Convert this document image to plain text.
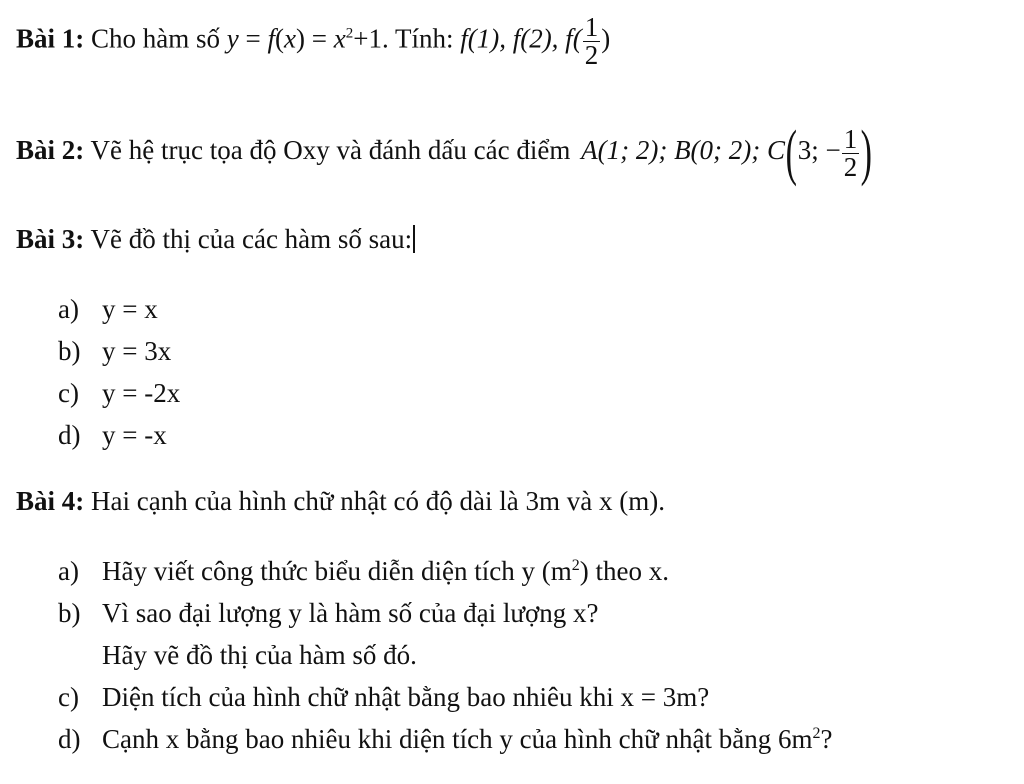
Bài 1: Cho hàm số $y = f(x) = x^2+1$. Tính: f(1), f(2), $f( \frac{1}{2}$ )
Bài 2: Vẽ hệ trục tọa độ Oxy và đánh dấu các điểm A(1; 2); B(0; 2); C(3; − $\frac{1}{2}$ )
Bài 3: Vẽ đồ thị của các hàm số sau:
a) y = x
b) y = 3x
c) y = -2x
d) y = -x
Bài 4: Hai cạnh của hình chữ nhật có độ dài là 3m và x (m).
a) Hãy viết công thức biểu diễn diện tích y $(m^2)$ theo x.
b) Vì sao đại lượng y là hàm số của đại lượng x?
Hãy vẽ đồ thị của hàm số đó.
c) Diện tích của hình chữ nhật bằng bao nhiêu khi x = 3m?
d) Cạnh x bằng bao nhiêu khi diện tích y của hình chữ nhật bằng $6m^2$?
